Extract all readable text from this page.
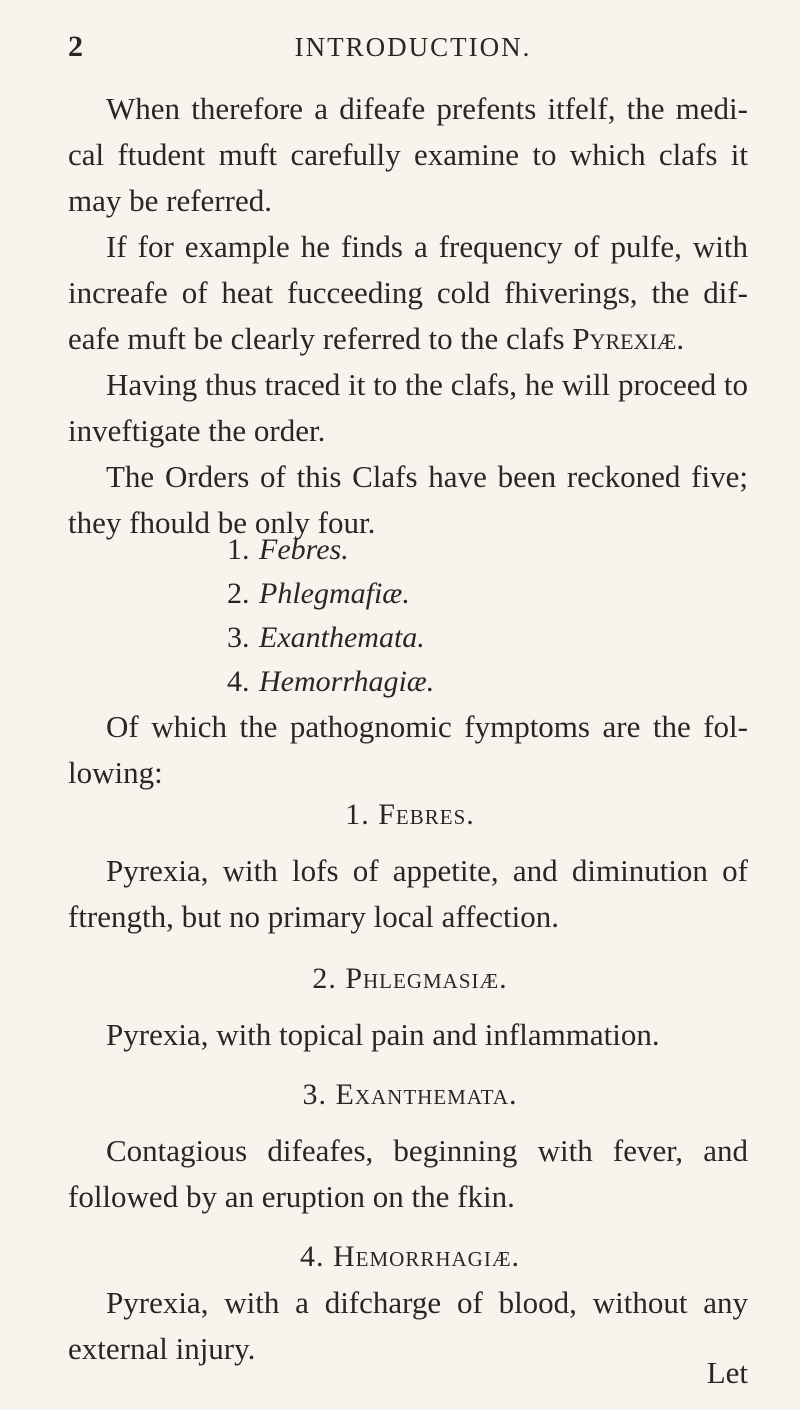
2	INTRODUCTION.

When therefore a difeafe prefents itfelf, the medi-cal ftudent muft carefully examine to which clafs it may be referred.

If for example he finds a frequency of pulfe, with increafe of heat fucceeding cold fhiverings, the dif-eafe muft be clearly referred to the clafs Pyrexiæ.

Having thus traced it to the clafs, he will proceed to inveftigate the order.

The Orders of this Clafs have been reckoned five; they fhould be only four.

1. Febres.
2. Phlegmafiæ.
3. Exanthemata.
4. Hemorrhagiæ.

Of which the pathognomic fymptoms are the fol-lowing:

1. Febres.
Pyrexia, with lofs of appetite, and diminution of ftrength, but no primary local affection.
2. Phlegmasiæ.
Pyrexia, with topical pain and inflammation.
3. Exanthemata.
Contagious difeafes, beginning with fever, and followed by an eruption on the fkin.
4. Hemorrhagiæ.
Pyrexia, with a difcharge of blood, without any external injury.
Let
